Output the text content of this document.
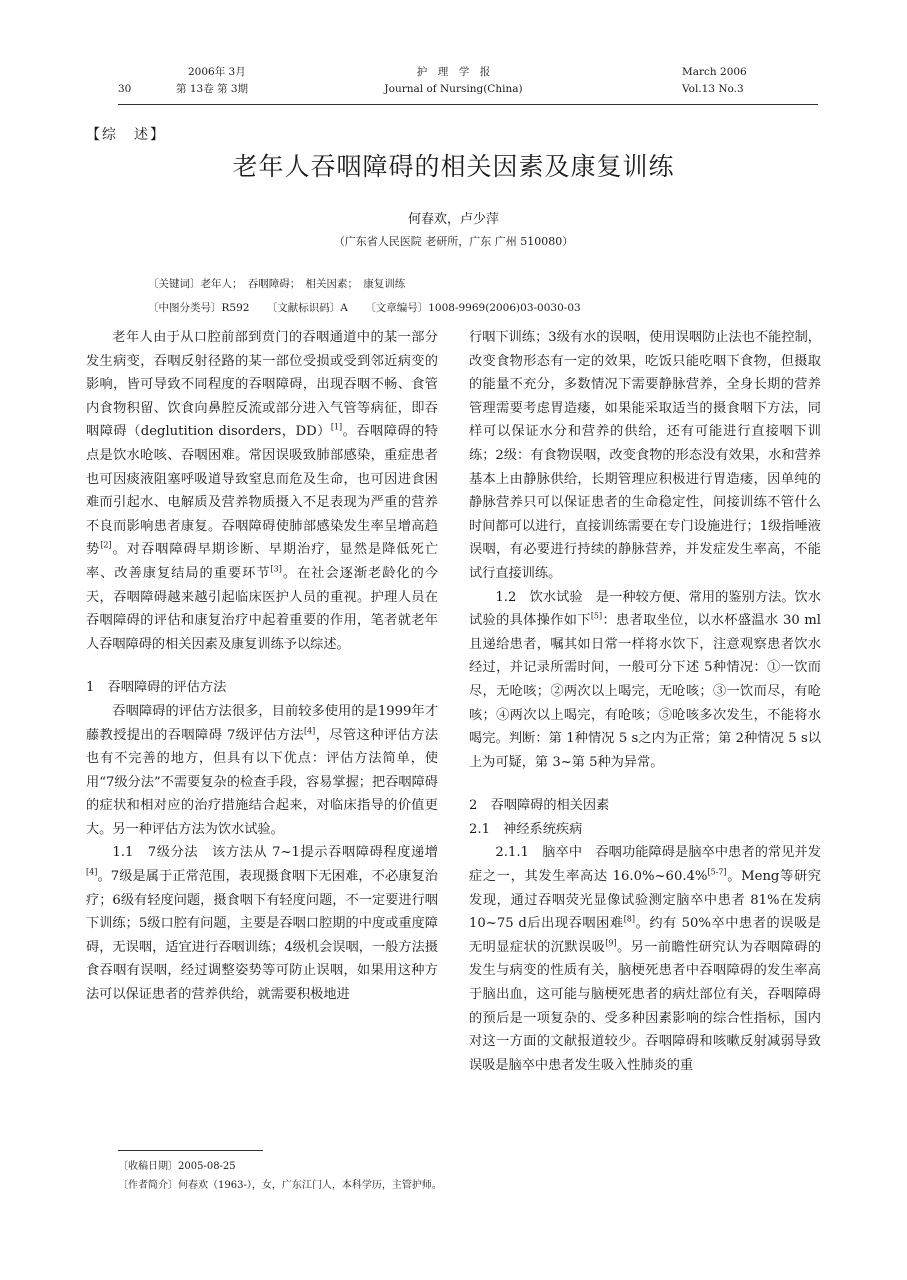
30
2006年 3月
第 13卷 第 3期
护　理　学　报
Journal of Nursing(China)
March 2006
Vol.13 No.3
【综　述】
老年人吞咽障碍的相关因素及康复训练
何春欢，卢少萍
（广东省人民医院 老研所，广东 广州 510080）
〔关键词〕老年人；　吞咽障碍；　相关因素；　康复训练
〔中图分类号〕R592 〔文献标识码〕A 〔文章编号〕1008-9969(2006)03-0030-03

老年人由于从口腔前部到贲门的吞咽通道中的某一部分发生病变，吞咽反射径路的某一部位受损或受到邻近病变的影响，皆可导致不同程度的吞咽障碍，出现吞咽不畅、食管内食物积留、饮食向鼻腔反流或部分进入气管等病征，即吞咽障碍（deglutition disorders，DD）[1]。吞咽障碍的特点是饮水呛咳、吞咽困难。常因误吸致肺部感染，重症患者也可因痰液阻塞呼吸道导致窒息而危及生命，也可因进食困难而引起水、电解质及营养物质摄入不足表现为严重的营养不良而影响患者康复。吞咽障碍使肺部感染发生率呈增高趋势[2]。对吞咽障碍早期诊断、早期治疗，显然是降低死亡率、改善康复结局的重要环节[3]。在社会逐渐老龄化的今天，吞咽障碍越来越引起临床医护人员的重视。护理人员在吞咽障碍的评估和康复治疗中起着重要的作用，笔者就老年人吞咽障碍的相关因素及康复训练予以综述。

1　吞咽障碍的评估方法

吞咽障碍的评估方法很多，目前较多使用的是1999年才藤教授提出的吞咽障碍 7级评估方法[4]，尽管这种评估方法也有不完善的地方，但具有以下优点：评估方法简单，使用“7级分法”不需要复杂的检查手段，容易掌握；把吞咽障碍的症状和相对应的治疗措施结合起来，对临床指导的价值更大。另一种评估方法为饮水试验。

1.1　7级分法　该方法从 7~1提示吞咽障碍程度递增[4]。7级是属于正常范围，表现摄食咽下无困难，不必康复治疗；6级有轻度问题，摄食咽下有轻度问题，不一定要进行咽下训练；5级口腔有问题，主要是吞咽口腔期的中度或重度障碍，无误咽，适宜进行吞咽训练；4级机会误咽，一般方法摄食吞咽有误咽，经过调整姿势等可防止误咽，如果用这种方法可以保证患者的营养供给，就需要积极地进

行咽下训练；3级有水的误咽，使用误咽防止法也不能控制，改变食物形态有一定的效果，吃饭只能吃咽下食物，但摄取的能量不充分，多数情况下需要静脉营养，全身长期的营养管理需要考虑胃造瘘，如果能采取适当的摄食咽下方法，同样可以保证水分和营养的供给，还有可能进行直接咽下训练；2级：有食物误咽，改变食物的形态没有效果，水和营养基本上由静脉供给，长期管理应积极进行胃造瘘，因单纯的静脉营养只可以保证患者的生命稳定性，间接训练不管什么时间都可以进行，直接训练需要在专门设施进行；1级指唾液误咽，有必要进行持续的静脉营养，并发症发生率高，不能试行直接训练。

1.2　饮水试验　是一种较方便、常用的鉴别方法。饮水试验的具体操作如下[5]：患者取坐位，以水杯盛温水 30 ml且递给患者，嘱其如日常一样将水饮下，注意观察患者饮水经过，并记录所需时间，一般可分下述 5种情况：①一饮而尽，无呛咳；②两次以上喝完，无呛咳；③一饮而尽，有呛咳；④两次以上喝完，有呛咳；⑤呛咳多次发生，不能将水喝完。判断：第 1种情况 5 s之内为正常；第 2种情况 5 s以上为可疑，第 3~第 5种为异常。

2　吞咽障碍的相关因素

2.1　神经系统疾病

2.1.1　脑卒中　吞咽功能障碍是脑卒中患者的常见并发症之一，其发生率高达 16.0%~60.4%[5-7]。Meng等研究发现，通过吞咽荧光显像试验测定脑卒中患者 81%在发病 10~75 d后出现吞咽困难[8]。约有 50%卒中患者的误吸是无明显症状的沉默误吸[9]。另一前瞻性研究认为吞咽障碍的发生与病变的性质有关，脑梗死患者中吞咽障碍的发生率高于脑出血，这可能与脑梗死患者的病灶部位有关，吞咽障碍的预后是一项复杂的、受多种因素影响的综合性指标，国内对这一方面的文献报道较少。吞咽障碍和咳嗽反射减弱导致误吸是脑卒中患者发生吸入性肺炎的重

〔收稿日期〕2005-08-25
〔作者简介〕何春欢（1963-），女，广东江门人，本科学历，主管护师。
